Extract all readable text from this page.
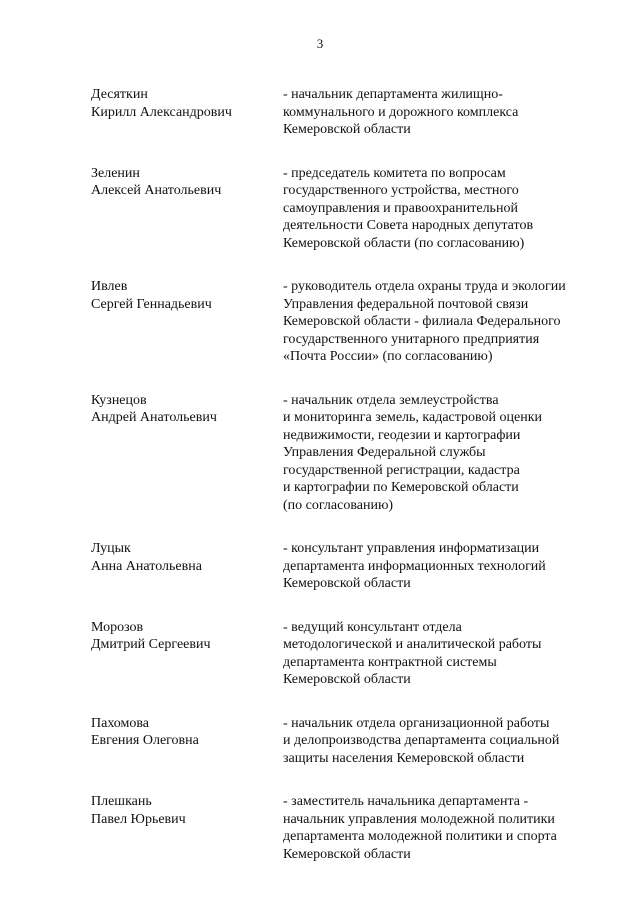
3
Десяткин
Кирилл Александрович
- начальник департамента жилищно-
коммунального и дорожного комплекса
Кемеровской области
Зеленин
Алексей Анатольевич
- председатель комитета по вопросам
государственного устройства, местного
самоуправления и правоохранительной
деятельности Совета народных депутатов
Кемеровской области (по согласованию)
Ивлев
Сергей Геннадьевич
- руководитель отдела охраны труда и экологии
Управления федеральной почтовой связи
Кемеровской области - филиала Федерального
государственного унитарного предприятия
«Почта России» (по согласованию)
Кузнецов
Андрей Анатольевич
- начальник отдела землеустройства
и мониторинга земель, кадастровой оценки
недвижимости, геодезии и картографии
Управления Федеральной службы
государственной регистрации, кадастра
и картографии по Кемеровской области
(по согласованию)
Луцык
Анна Анатольевна
- консультант управления информатизации
департамента информационных технологий
Кемеровской области
Морозов
Дмитрий Сергеевич
- ведущий консультант отдела
методологической и аналитической работы
департамента контрактной системы
Кемеровской области
Пахомова
Евгения Олеговна
- начальник отдела организационной работы
и делопроизводства департамента социальной
защиты населения Кемеровской области
Плешкань
Павел Юрьевич
- заместитель начальника департамента -
начальник управления молодежной политики
департамента молодежной политики и спорта
Кемеровской области
